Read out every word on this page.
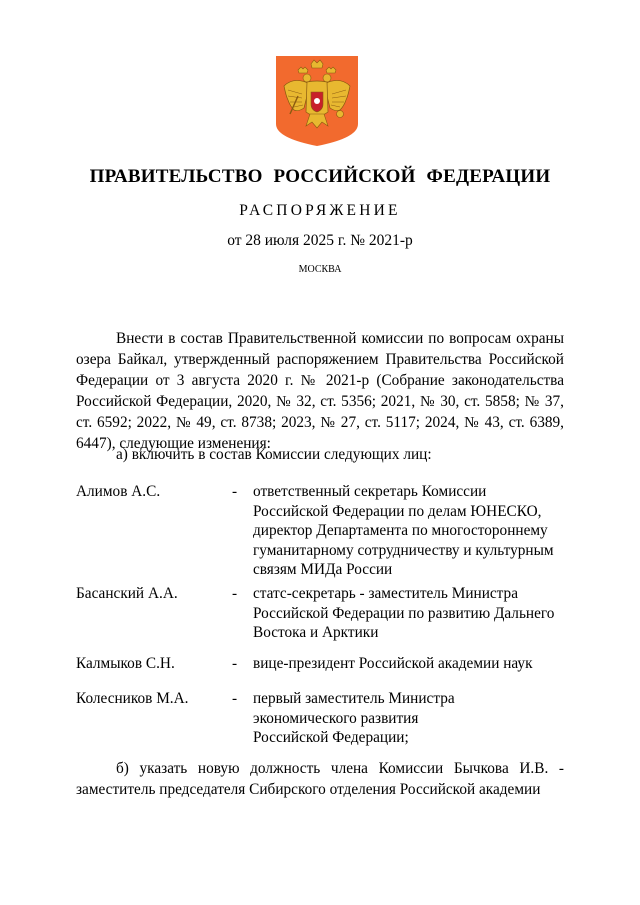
ПРАВИТЕЛЬСТВО РОССИЙСКОЙ ФЕДЕРАЦИИ
РАСПОРЯЖЕНИЕ
от 28 июля 2025 г. № 2021-р
МОСКВА
Внести в состав Правительственной комиссии по вопросам охраны озера Байкал, утвержденный распоряжением Правительства Российской Федерации от 3 августа 2020 г. № 2021-р (Собрание законодательства Российской Федерации, 2020, № 32, ст. 5356; 2021, № 30, ст. 5858; № 37, ст. 6592; 2022, № 49, ст. 8738; 2023, № 27, ст. 5117; 2024, № 43, ст. 6389, 6447), следующие изменения:
а) включить в состав Комиссии следующих лиц:
Алимов А.С.	- ответственный секретарь Комиссии
Российской Федерации по делам ЮНЕСКО,
директор Департамента по многостороннему
гуманитарному сотрудничеству и культурным
связям МИДа России
Басанский А.А.	- статс-секретарь - заместитель Министра
Российской Федерации по развитию Дальнего
Востока и Арктики
Калмыков С.Н.	- вице-президент Российской академии наук
Колесников М.А.	- первый заместитель Министра
экономического развития
Российской Федерации;
б) указать новую должность члена Комиссии Бычкова И.В. - заместитель председателя Сибирского отделения Российской академии
